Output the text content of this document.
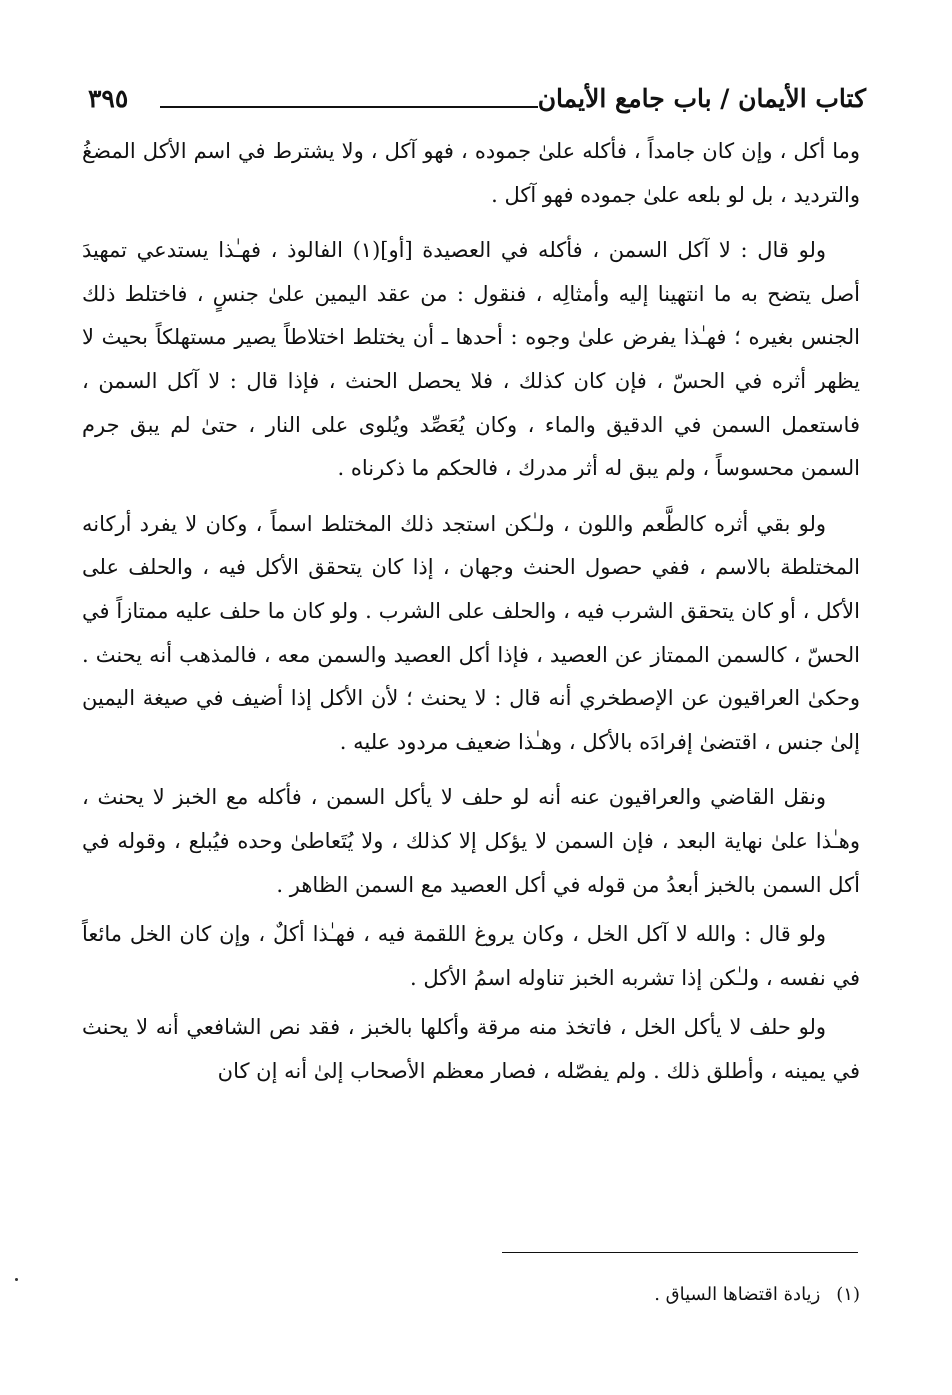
كتاب الأيمان / باب جامع الأيمان
٣٩٥

وما أكل ، وإن كان جامداً ، فأكله علىٰ جموده ، فهو آكل ، ولا يشترط في اسم الأكل المضغُ والترديد ، بل لو بلعه علىٰ جموده فهو آكل .

ولو قال : لا آكل السمن ، فأكله في العصيدة [أو](١) الفالوذ ، فهـٰذا يستدعي تمهيدَ أصل يتضح به ما انتهينا إليه وأمثالِه ، فنقول : من عقد اليمين علىٰ جنسٍ ، فاختلط ذلك الجنس بغيره ؛ فهـٰذا يفرض علىٰ وجوه : أحدها ـ أن يختلط اختلاطاً يصير مستهلكاً بحيث لا يظهر أثره في الحسّ ، فإن كان كذلك ، فلا يحصل الحنث ، فإذا قال : لا آكل السمن ، فاستعمل السمن في الدقيق والماء ، وكان يُعَصِّد ويُلوى على النار ، حتىٰ لم يبق جرم السمن محسوساً ، ولم يبق له أثر مدرك ، فالحكم ما ذكرناه .

ولو بقي أثره كالطَّعم واللون ، ولـٰكن استجد ذلك المختلط اسماً ، وكان لا يفرد أركانه المختلطة بالاسم ، ففي حصول الحنث وجهان ، إذا كان يتحقق الأكل فيه ، والحلف على الأكل ، أو كان يتحقق الشرب فيه ، والحلف على الشرب . ولو كان ما حلف عليه ممتازاً في الحسّ ، كالسمن الممتاز عن العصيد ، فإذا أكل العصيد والسمن معه ، فالمذهب أنه يحنث . وحكىٰ العراقيون عن الإصطخري أنه قال : لا يحنث ؛ لأن الأكل إذا أضيف في صيغة اليمين إلىٰ جنس ، اقتضىٰ إفرادَه بالأكل ، وهـٰذا ضعيف مردود عليه .

ونقل القاضي والعراقيون عنه أنه لو حلف لا يأكل السمن ، فأكله مع الخبز لا يحنث ، وهـٰذا علىٰ نهاية البعد ، فإن السمن لا يؤكل إلا كذلك ، ولا يُتَعاطىٰ وحده فيُبلع ، وقوله في أكل السمن بالخبز أبعدُ من قوله في أكل العصيد مع السمن الظاهر .

ولو قال : والله لا آكل الخل ، وكان يروغ اللقمة فيه ، فهـٰذا أكلٌ ، وإن كان الخل مائعاً في نفسه ، ولـٰكن إذا تشربه الخبز تناوله اسمُ الأكل .

ولو حلف لا يأكل الخل ، فاتخذ منه مرقة وأكلها بالخبز ، فقد نص الشافعي أنه لا يحنث في يمينه ، وأطلق ذلك . ولم يفصّله ، فصار معظم الأصحاب إلىٰ أنه إن كان

(١)زيادة اقتضاها السياق .
